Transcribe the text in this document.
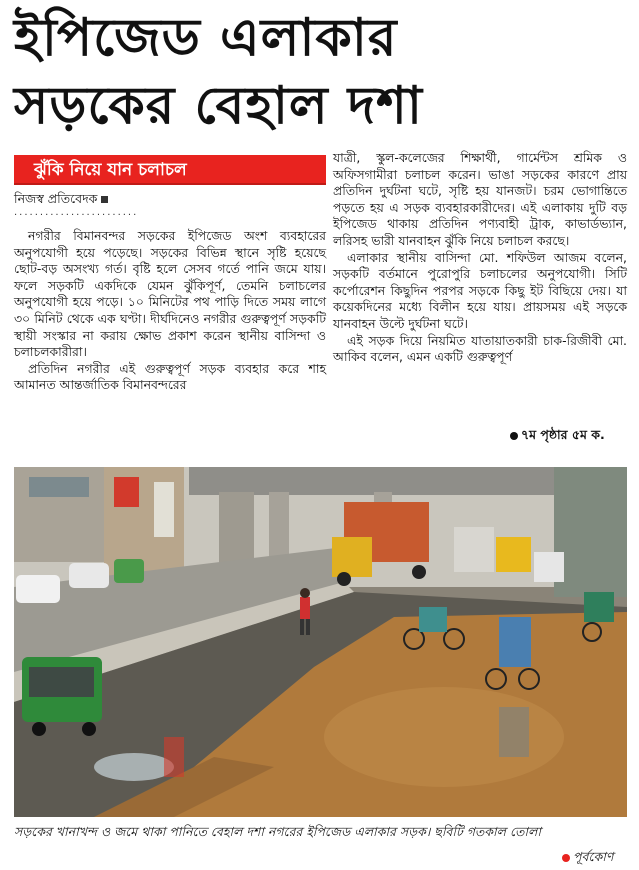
ইপিজেড এলাকার
সড়কের বেহাল দশা
ঝুঁকি নিয়ে যান চলাচল
নিজস্ব প্রতিবেদক
........................

নগরীর বিমানবন্দর সড়কের ইপিজেড অংশ ব্যবহারের অনুপযোগী হয়ে পড়েছে। সড়কের বিভিন্ন স্থানে সৃষ্টি হয়েছে ছোট-বড় অসংখ্য গর্ত। বৃষ্টি হলে সেসব গর্তে পানি জমে যায়। ফলে সড়কটি একদিকে যেমন ঝুঁকিপূর্ণ, তেমনি চলাচলের অনুপযোগী হয়ে পড়ে। ১০ মিনিটের পথ পাড়ি দিতে সময় লাগে ৩০ মিনিট থেকে এক ঘণ্টা। দীর্ঘদিনেও নগরীর গুরুত্বপূর্ণ সড়কটি স্থায়ী সংস্কার না করায় ক্ষোভ প্রকাশ করেন স্থানীয় বাসিন্দা ও চলাচলকারীরা।

প্রতিদিন নগরীর এই গুরুত্বপূর্ণ সড়ক ব্যবহার করে শাহ আমানত আন্তর্জাতিক বিমানবন্দরের

যাত্রী, স্কুল-কলেজের শিক্ষার্থী, গার্মেন্টস শ্রমিক ও অফিসগামীরা চলাচল করেন। ভাঙা সড়কের কারণে প্রায় প্রতিদিন দুর্ঘটনা ঘটে, সৃষ্টি হয় যানজট। চরম ভোগান্তিতে পড়তে হয় এ সড়ক ব্যবহারকারীদের। এই এলাকায় দুটি বড় ইপিজেড থাকায় প্রতিদিন পণ্যবাহী ট্রাক, কাভার্ডভ্যান, লরিসহ ভারী যানবাহন ঝুঁকি নিয়ে চলাচল করছে।

এলাকার স্থানীয় বাসিন্দা মো. শফিউল আজম বলেন, সড়কটি বর্তমানে পুরোপুরি চলাচলের অনুপযোগী। সিটি কর্পোরেশন কিছুদিন পরপর সড়কে কিছু ইট বিছিয়ে দেয়। যা কয়েকদিনের মধ্যে বিলীন হয়ে যায়। প্রায়সময় এই সড়কে যানবাহন উল্টে দুর্ঘটনা ঘটে।

এই সড়ক দিয়ে নিয়মিত যাতায়াতকারী চাক-রিজীবী মো. আকিব বলেন, এমন একটি গুরুত্বপূর্ণ

৭ম পৃষ্ঠার ৫ম ক.
সড়কের খানাখন্দ ও জমে থাকা পানিতে বেহাল দশা নগরের ইপিজেড এলাকার সড়ক। ছবিটি গতকাল তোলা
পূর্বকোণ
